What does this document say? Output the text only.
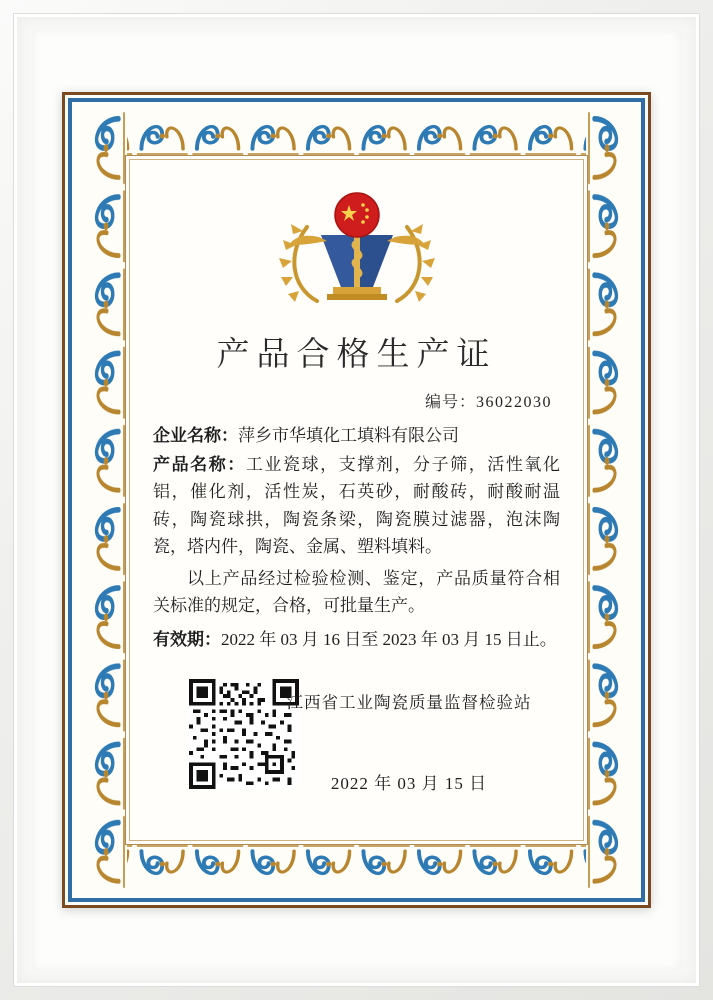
产品合格生产证
编号：36022030
企业名称：萍乡市华填化工填料有限公司
产品名称：工业瓷球，支撑剂，分子筛，活性氧化铝，催化剂，活性炭，石英砂，耐酸砖，耐酸耐温砖，陶瓷球拱，陶瓷条梁，陶瓷膜过滤器，泡沫陶瓷，塔内件，陶瓷、金属、塑料填料。
以上产品经过检验检测、鉴定，产品质量符合相关标准的规定，合格，可批量生产。
有效期：2022 年 03 月 16 日至 2023 年 03 月 15 日止。
江西省工业陶瓷质量监督检验站
2022 年 03 月 15 日
